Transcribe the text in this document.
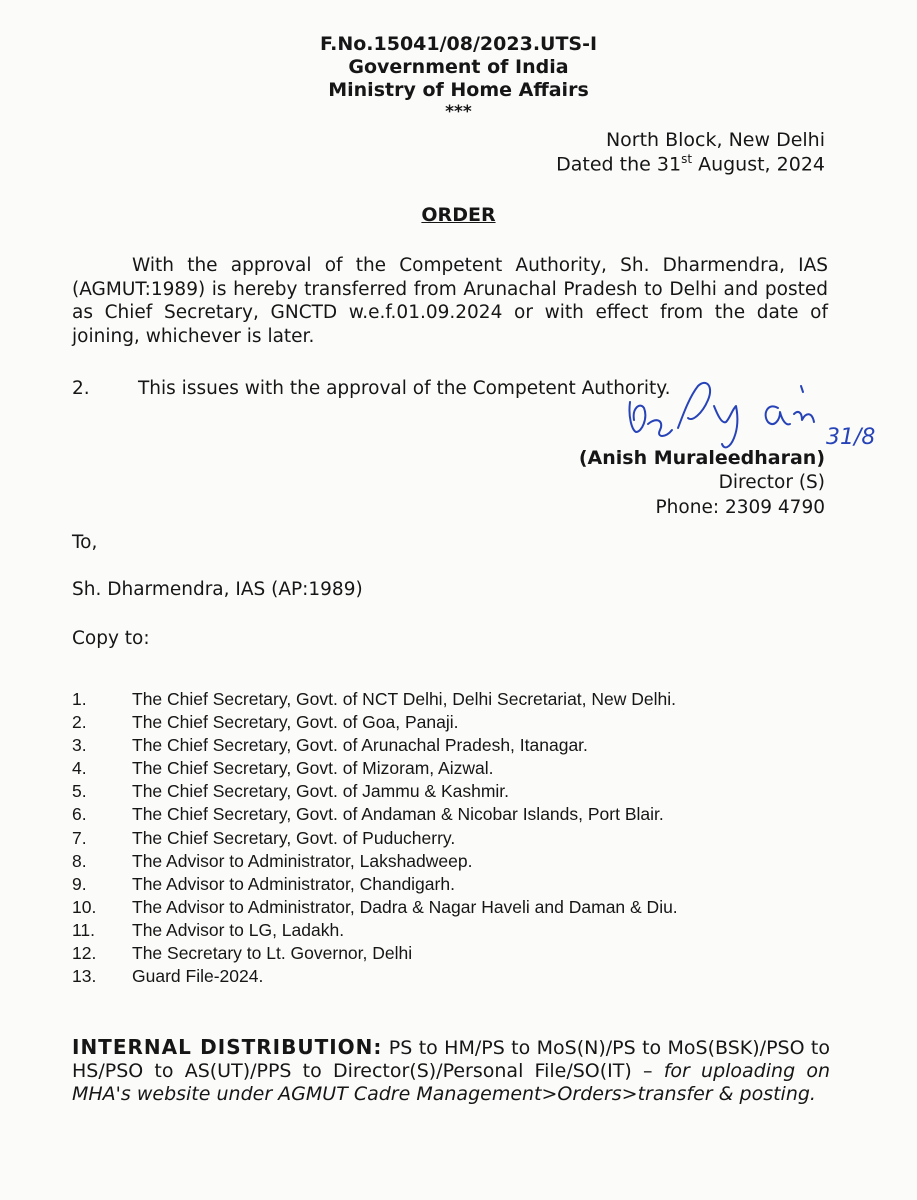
F.No.15041/08/2023.UTS-I
Government of India
Ministry of Home Affairs
***
North Block, New Delhi
Dated the 31st August, 2024
ORDER
With the approval of the Competent Authority, Sh. Dharmendra, IAS (AGMUT:1989) is hereby transferred from Arunachal Pradesh to Delhi and posted as Chief Secretary, GNCTD w.e.f.01.09.2024 or with effect from the date of joining, whichever is later.
2.	This issues with the approval of the Competent Authority.
31/8
(Anish Muraleedharan)
Director (S)
Phone: 2309 4790
To,
Sh. Dharmendra, IAS (AP:1989)
Copy to:
1.	The Chief Secretary, Govt. of NCT Delhi, Delhi Secretariat, New Delhi.
2.	The Chief Secretary, Govt. of Goa, Panaji.
3.	The Chief Secretary, Govt. of Arunachal Pradesh, Itanagar.
4.	The Chief Secretary, Govt. of Mizoram, Aizwal.
5.	The Chief Secretary, Govt. of Jammu & Kashmir.
6.	The Chief Secretary, Govt. of Andaman & Nicobar Islands, Port Blair.
7.	The Chief Secretary, Govt. of Puducherry.
8.	The Advisor to Administrator, Lakshadweep.
9.	The Advisor to Administrator, Chandigarh.
10.	The Advisor to Administrator, Dadra & Nagar Haveli and Daman & Diu.
11.	The Advisor to LG, Ladakh.
12.	The Secretary to Lt. Governor, Delhi
13.	Guard File-2024.
INTERNAL DISTRIBUTION: PS to HM/PS to MoS(N)/PS to MoS(BSK)/PSO to HS/PSO to AS(UT)/PPS to Director(S)/Personal File/SO(IT) – for uploading on MHA's website under AGMUT Cadre Management>Orders>transfer & posting.
